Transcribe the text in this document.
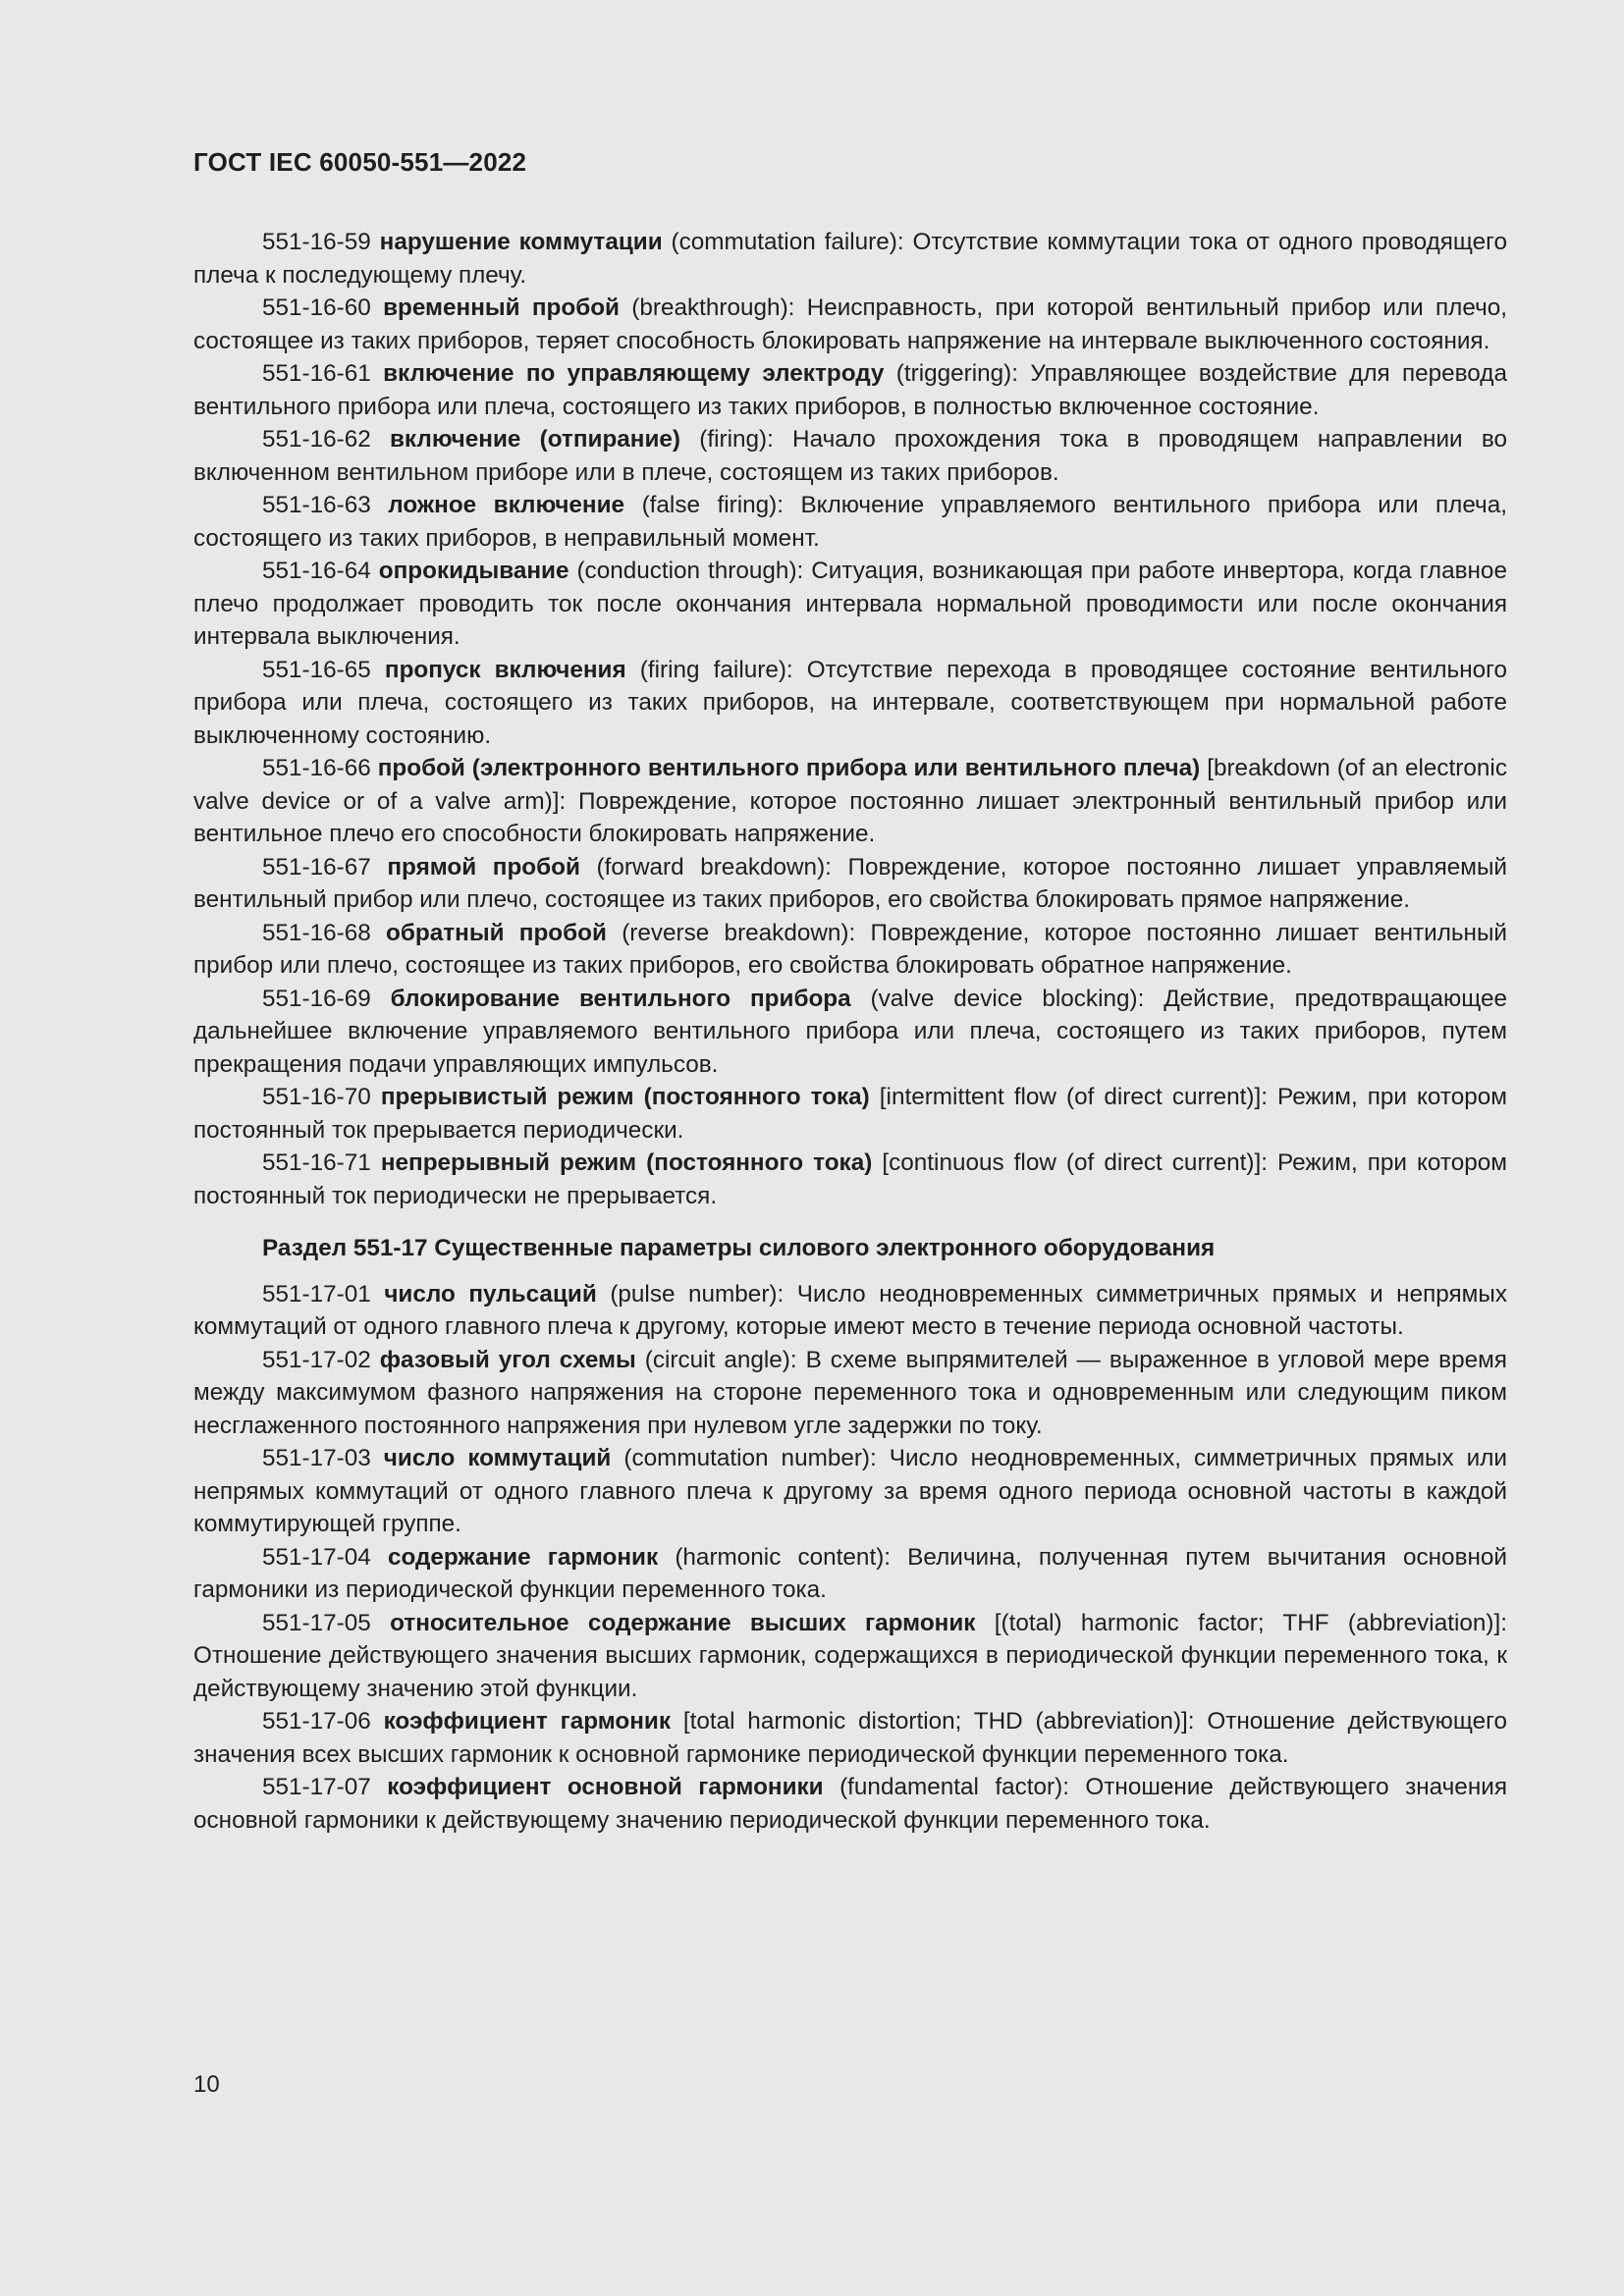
ГОСТ IEC 60050-551—2022

551-16-59 нарушение коммутации (commutation failure): Отсутствие коммутации тока от одного проводящего плеча к последующему плечу.

551-16-60 временный пробой (breakthrough): Неисправность, при которой вентильный прибор или плечо, состоящее из таких приборов, теряет способность блокировать напряжение на интервале выключенного состояния.

551-16-61 включение по управляющему электроду (triggering): Управляющее воздействие для перевода вентильного прибора или плеча, состоящего из таких приборов, в полностью включенное состояние.

551-16-62 включение (отпирание) (firing): Начало прохождения тока в проводящем направлении во включенном вентильном приборе или в плече, состоящем из таких приборов.

551-16-63 ложное включение (false firing): Включение управляемого вентильного прибора или плеча, состоящего из таких приборов, в неправильный момент.

551-16-64 опрокидывание (conduction through): Ситуация, возникающая при работе инвертора, когда главное плечо продолжает проводить ток после окончания интервала нормальной проводимости или после окончания интервала выключения.

551-16-65 пропуск включения (firing failure): Отсутствие перехода в проводящее состояние вентильного прибора или плеча, состоящего из таких приборов, на интервале, соответствующем при нормальной работе выключенному состоянию.

551-16-66 пробой (электронного вентильного прибора или вентильного плеча) [breakdown (of an electronic valve device or of a valve arm)]: Повреждение, которое постоянно лишает электронный вентильный прибор или вентильное плечо его способности блокировать напряжение.

551-16-67 прямой пробой (forward breakdown): Повреждение, которое постоянно лишает управляемый вентильный прибор или плечо, состоящее из таких приборов, его свойства блокировать прямое напряжение.

551-16-68 обратный пробой (reverse breakdown): Повреждение, которое постоянно лишает вентильный прибор или плечо, состоящее из таких приборов, его свойства блокировать обратное напряжение.

551-16-69 блокирование вентильного прибора (valve device blocking): Действие, предотвращающее дальнейшее включение управляемого вентильного прибора или плеча, состоящего из таких приборов, путем прекращения подачи управляющих импульсов.

551-16-70 прерывистый режим (постоянного тока) [intermittent flow (of direct current)]: Режим, при котором постоянный ток прерывается периодически.

551-16-71 непрерывный режим (постоянного тока) [continuous flow (of direct current)]: Режим, при котором постоянный ток периодически не прерывается.

Раздел 551-17 Существенные параметры силового электронного оборудования

551-17-01 число пульсаций (pulse number): Число неодновременных симметричных прямых и непрямых коммутаций от одного главного плеча к другому, которые имеют место в течение периода основной частоты.

551-17-02 фазовый угол схемы (circuit angle): В схеме выпрямителей — выраженное в угловой мере время между максимумом фазного напряжения на стороне переменного тока и одновременным или следующим пиком несглаженного постоянного напряжения при нулевом угле задержки по току.

551-17-03 число коммутаций (commutation number): Число неодновременных, симметричных прямых или непрямых коммутаций от одного главного плеча к другому за время одного периода основной частоты в каждой коммутирующей группе.

551-17-04 содержание гармоник (harmonic content): Величина, полученная путем вычитания основной гармоники из периодической функции переменного тока.

551-17-05 относительное содержание высших гармоник [(total) harmonic factor; THF (abbreviation)]: Отношение действующего значения высших гармоник, содержащихся в периодической функции переменного тока, к действующему значению этой функции.

551-17-06 коэффициент гармоник [total harmonic distortion; THD (abbreviation)]: Отношение действующего значения всех высших гармоник к основной гармонике периодической функции переменного тока.

551-17-07 коэффициент основной гармоники (fundamental factor): Отношение действующего значения основной гармоники к действующему значению периодической функции переменного тока.

10
